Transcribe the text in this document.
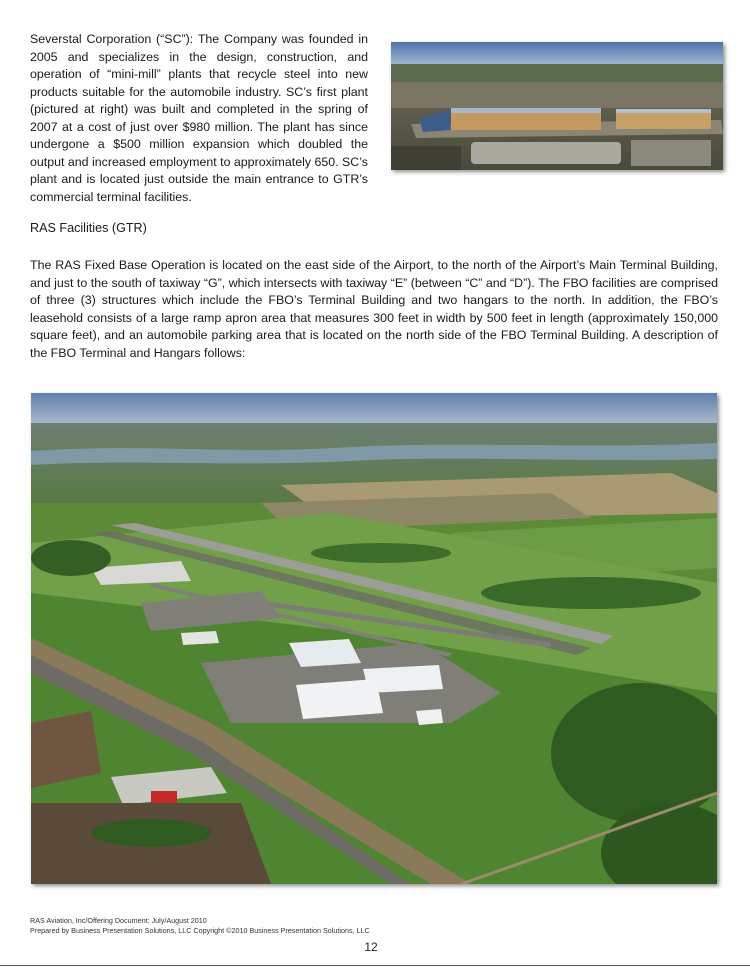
Severstal Corporation (“SC”): The Company was founded in 2005 and specializes in the design, construction, and operation of “mini-mill” plants that recycle steel into new products suitable for the automobile industry. SC’s first plant (pictured at right) was built and completed in the spring of 2007 at a cost of just over $980 million. The plant has since undergone a $500 million expansion which doubled the output and increased employment to approximately 650. SC’s plant and is located just outside the main entrance to GTR’s commercial terminal facilities.

RAS Facilities (GTR)

The RAS Fixed Base Operation is located on the east side of the Airport, to the north of the Airport’s Main Terminal Building, and just to the south of taxiway “G”, which intersects with taxiway “E” (between “C” and “D”). The FBO facilities are comprised of three (3) structures which include the FBO’s Terminal Building and two hangars to the north. In addition, the FBO’s leasehold consists of a large ramp apron area that measures 300 feet in width by 500 feet in length (approximately 150,000 square feet), and an automobile parking area that is located on the north side of the FBO Terminal Building. A description of the FBO Terminal and Hangars follows:

RAS Aviation, Inc/Offering Document: July/August 2010
Prepared by Business Presentation Solutions, LLC Copyright ©2010 Business Presentation Solutions, LLC
12
